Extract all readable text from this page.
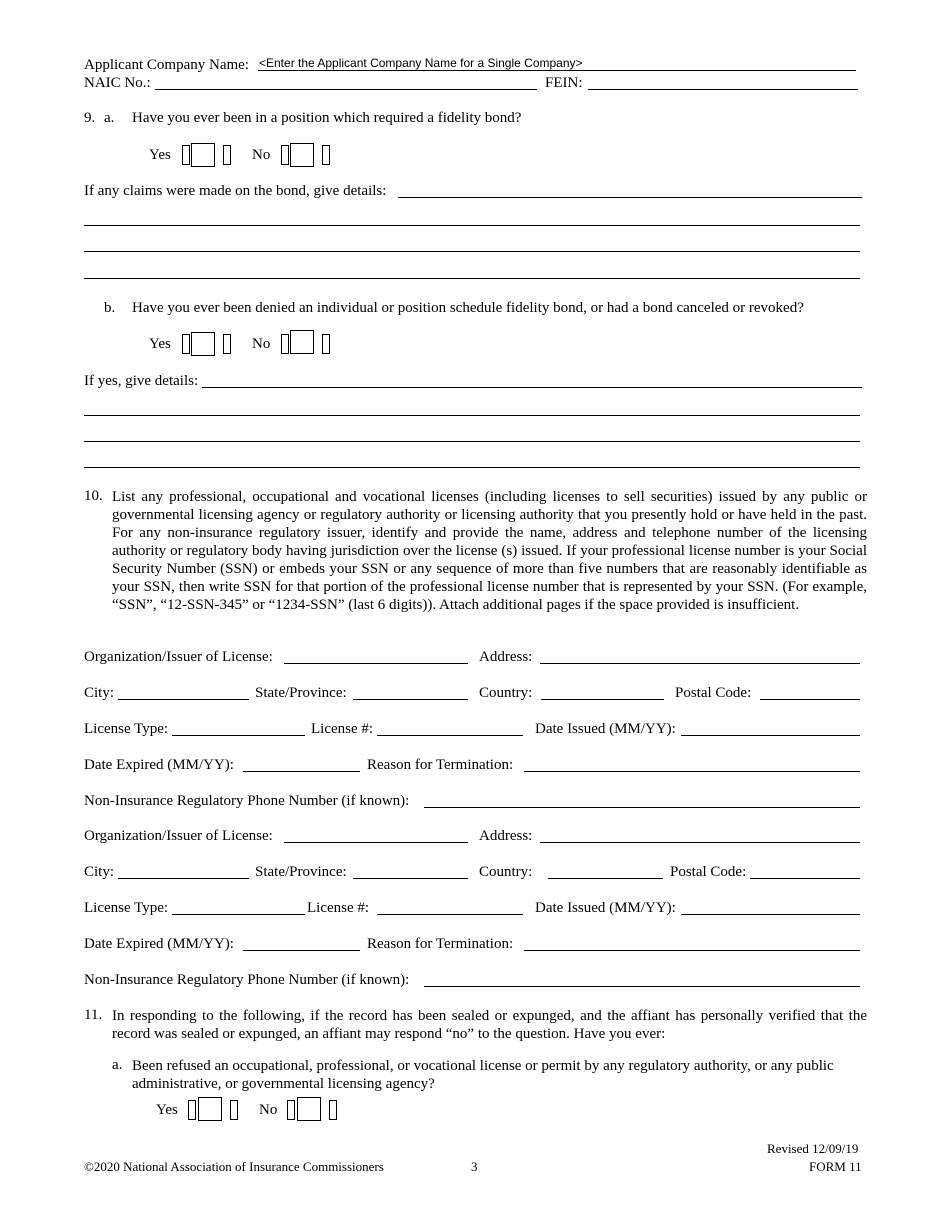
Applicant Company Name: <Enter the Applicant Company Name for a Single Company>
NAIC No.:	FEIN:
9. a. Have you ever been in a position which required a fidelity bond?
Yes	No
If any claims were made on the bond, give details:
b. Have you ever been denied an individual or position schedule fidelity bond, or had a bond canceled or revoked?
Yes	No
If yes, give details:
10. List any professional, occupational and vocational licenses (including licenses to sell securities) issued by any public or governmental licensing agency or regulatory authority or licensing authority that you presently hold or have held in the past. For any non-insurance regulatory issuer, identify and provide the name, address and telephone number of the licensing authority or regulatory body having jurisdiction over the license (s) issued. If your professional license number is your Social Security Number (SSN) or embeds your SSN or any sequence of more than five numbers that are reasonably identifiable as your SSN, then write SSN for that portion of the professional license number that is represented by your SSN. (For example, “SSN”, “12-SSN-345” or “1234-SSN” (last 6 digits)). Attach additional pages if the space provided is insufficient.
Organization/Issuer of License:	Address:
City:	State/Province:	Country:	Postal Code:
License Type:	License #:	Date Issued (MM/YY):
Date Expired (MM/YY):	Reason for Termination:
Non-Insurance Regulatory Phone Number (if known):
Organization/Issuer of License:	Address:
City:	State/Province:	Country:	Postal Code:
License Type:	License #:	Date Issued (MM/YY):
Date Expired (MM/YY):	Reason for Termination:
Non-Insurance Regulatory Phone Number (if known):
11. In responding to the following, if the record has been sealed or expunged, and the affiant has personally verified that the record was sealed or expunged, an affiant may respond “no” to the question. Have you ever:
a. Been refused an occupational, professional, or vocational license or permit by any regulatory authority, or any public administrative, or governmental licensing agency?
Yes	No
Revised 12/09/19
©2020 National Association of Insurance Commissioners	3	FORM 11
